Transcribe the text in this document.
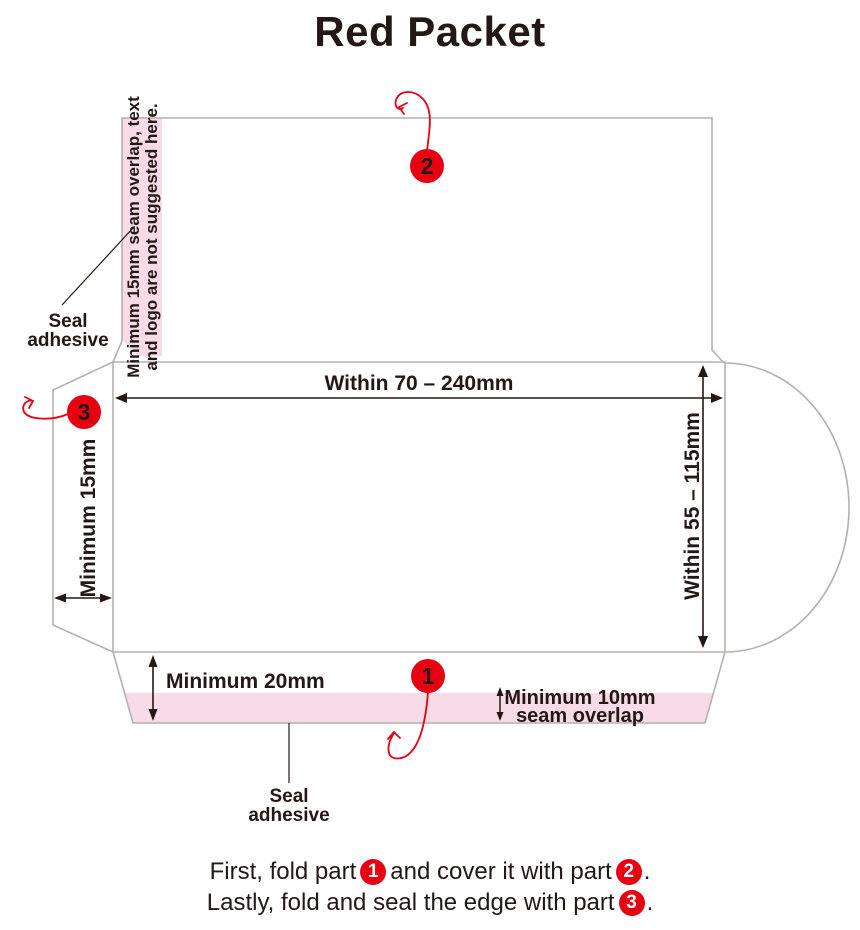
Red Packet
Within 70 – 240mm
Within 55 – 115mm
Minimum 15mm
Minimum 20mm
Minimum 10mm
seam overlap
Minimum 15mm seam overlap, text and logo are not suggested here.
Seal
adhesive
Seal
adhesive
2
3
1
First, fold part 1 and cover it with part 2 .
Lastly, fold and seal the edge with part 3 .
